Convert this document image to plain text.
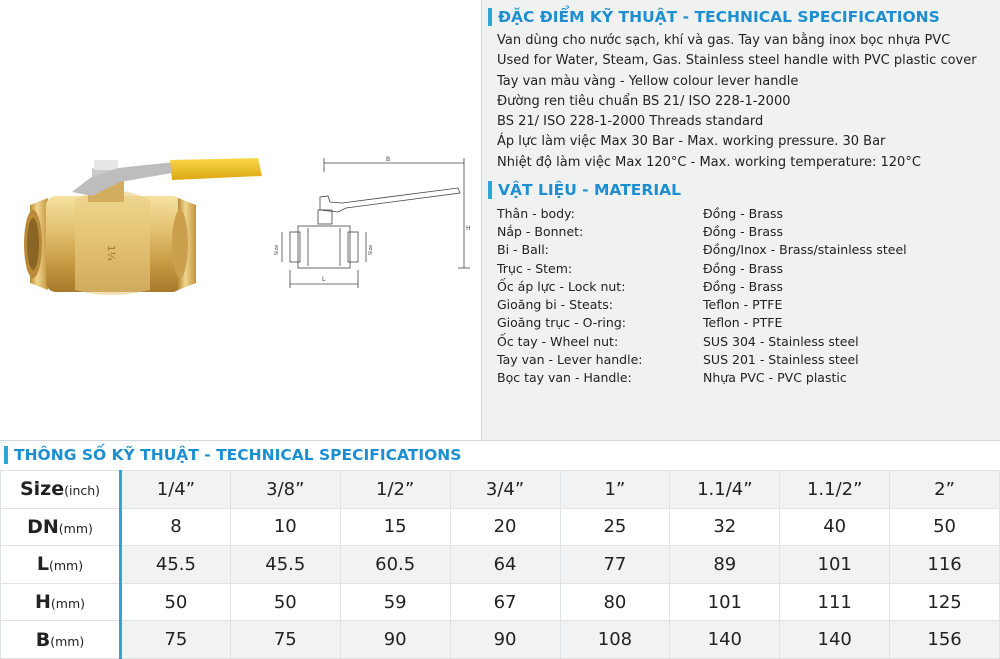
1¼
B
H
L
Size	Size
ĐẶC ĐIỂM KỸ THUẬT - TECHNICAL SPECIFICATIONS
Van dùng cho nước sạch, khí và gas. Tay van bằng inox bọc nhựa PVC
Used for Water, Steam, Gas. Stainless steel handle with PVC plastic cover
Tay van màu vàng - Yellow colour lever handle
Đường ren tiêu chuẩn BS 21/ ISO 228-1-2000
BS 21/ ISO 228-1-2000 Threads standard
Áp lực làm việc Max 30 Bar - Max. working pressure. 30 Bar
Nhiệt độ làm việc Max 120°C - Max. working temperature: 120°C
VẬT LIỆU - MATERIAL
Thân - body:	Đồng - Brass
Nắp - Bonnet:	Đồng - Brass
Bi - Ball:	Đồng/Inox - Brass/stainless steel
Trục - Stem:	Đồng - Brass
Ốc áp lực - Lock nut:	Đồng - Brass
Gioăng bi - Steats:	Teflon - PTFE
Gioăng trục - O-ring:	Teflon - PTFE
Ốc tay - Wheel nut:	SUS 304 - Stainless steel
Tay van - Lever handle:	SUS 201 - Stainless steel
Bọc tay van - Handle:	Nhựa PVC - PVC plastic
THÔNG SỐ KỸ THUẬT - TECHNICAL SPECIFICATIONS
Size(inch)	1/4”	3/8”	1/2”	3/4”	1”	1.1/4”	1.1/2”	2”
DN(mm)	8	10	15	20	25	32	40	50
L(mm)	45.5	45.5	60.5	64	77	89	101	116
H(mm)	50	50	59	67	80	101	111	125
B(mm)	75	75	90	90	108	140	140	156
